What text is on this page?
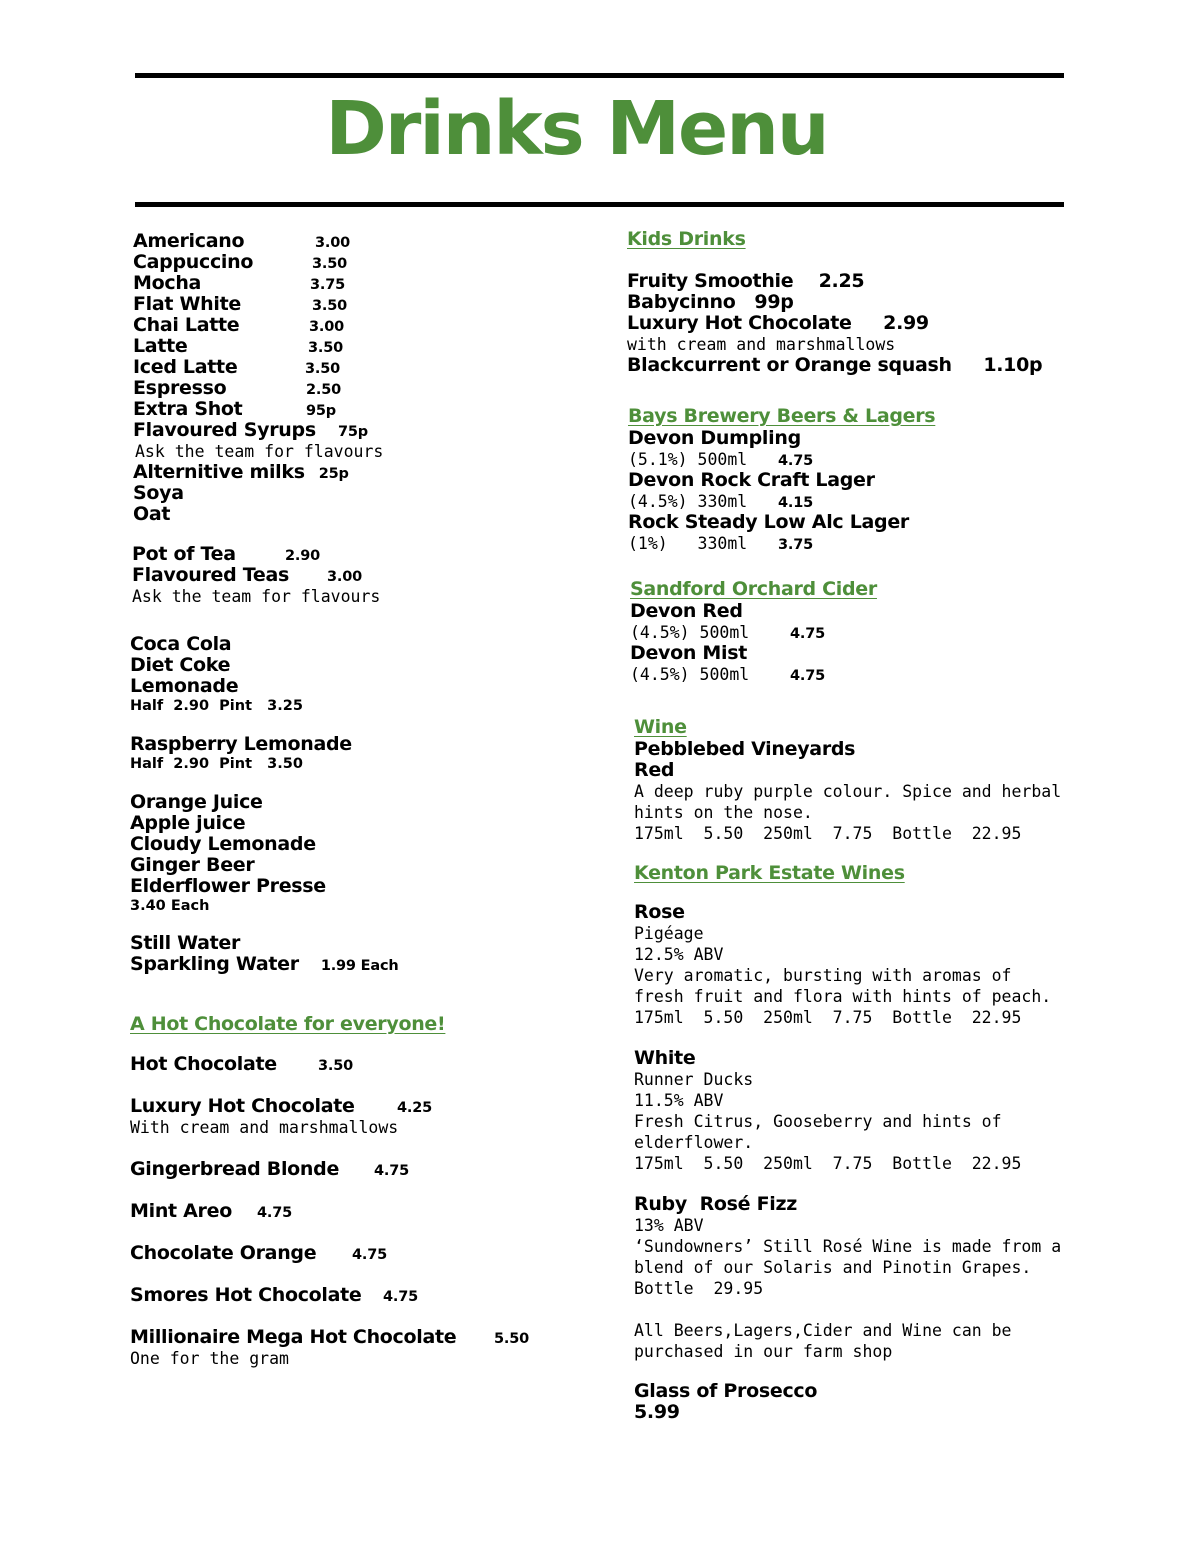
Drinks Menu
Americano	3.00
Cappuccino	3.50
Mocha	3.75
Flat White	3.50
Chai Latte	3.00
Latte	3.50
Iced Latte	3.50
Espresso	2.50
Extra Shot	95p
Flavoured Syrups	75p
Ask the team for flavours
Alternitive milks 25p
Soya
Oat
Pot of Tea	2.90
Flavoured Teas	3.00
Ask the team for flavours
Coca Cola
Diet Coke
Lemonade
Half  2.90  Pint   3.25
Raspberry Lemonade
Half  2.90  Pint   3.50
Orange Juice
Apple juice
Cloudy Lemonade
Ginger Beer
Elderflower Presse
3.40 Each
Still Water
Sparkling Water 1.99 Each
A Hot Chocolate for everyone!
Hot Chocolate	3.50
Luxury Hot Chocolate	4.25
With cream and marshmallows
Gingerbread Blonde	4.75
Mint Areo	4.75
Chocolate Orange	4.75
Smores Hot Chocolate	4.75
Millionaire Mega Hot Chocolate	5.50
One for the gram
Kids Drinks
Fruity Smoothie    2.25
Babycinno   99p
Luxury Hot Chocolate     2.99
with cream and marshmallows
Blackcurrent or Orange squash     1.10p
Bays Brewery Beers & Lagers
Devon Dumpling
(5.1%) 500ml	4.75
Devon Rock Craft Lager
(4.5%) 330ml	4.15
Rock Steady Low Alc Lager
(1%)   330ml	3.75
Sandford Orchard Cider
Devon Red
(4.5%) 500ml	4.75
Devon Mist
(4.5%) 500ml	4.75
Wine
Pebblebed Vineyards
Red
A deep ruby purple colour. Spice and herbal
hints on the nose.
175ml  5.50  250ml  7.75  Bottle  22.95
Kenton Park Estate Wines
Rose
Pigéage
12.5% ABV
Very aromatic, bursting with aromas of
fresh fruit and flora with hints of peach.
175ml  5.50  250ml  7.75  Bottle  22.95
White
Runner Ducks
11.5% ABV
Fresh Citrus, Gooseberry and hints of
elderflower.
175ml  5.50  250ml  7.75  Bottle  22.95
Ruby  Rosé Fizz
13% ABV
‘Sundowners’ Still Rosé Wine is made from a
blend of our Solaris and Pinotin Grapes.
Bottle  29.95
All Beers,Lagers,Cider and Wine can be
purchased in our farm shop
Glass of Prosecco
5.99
